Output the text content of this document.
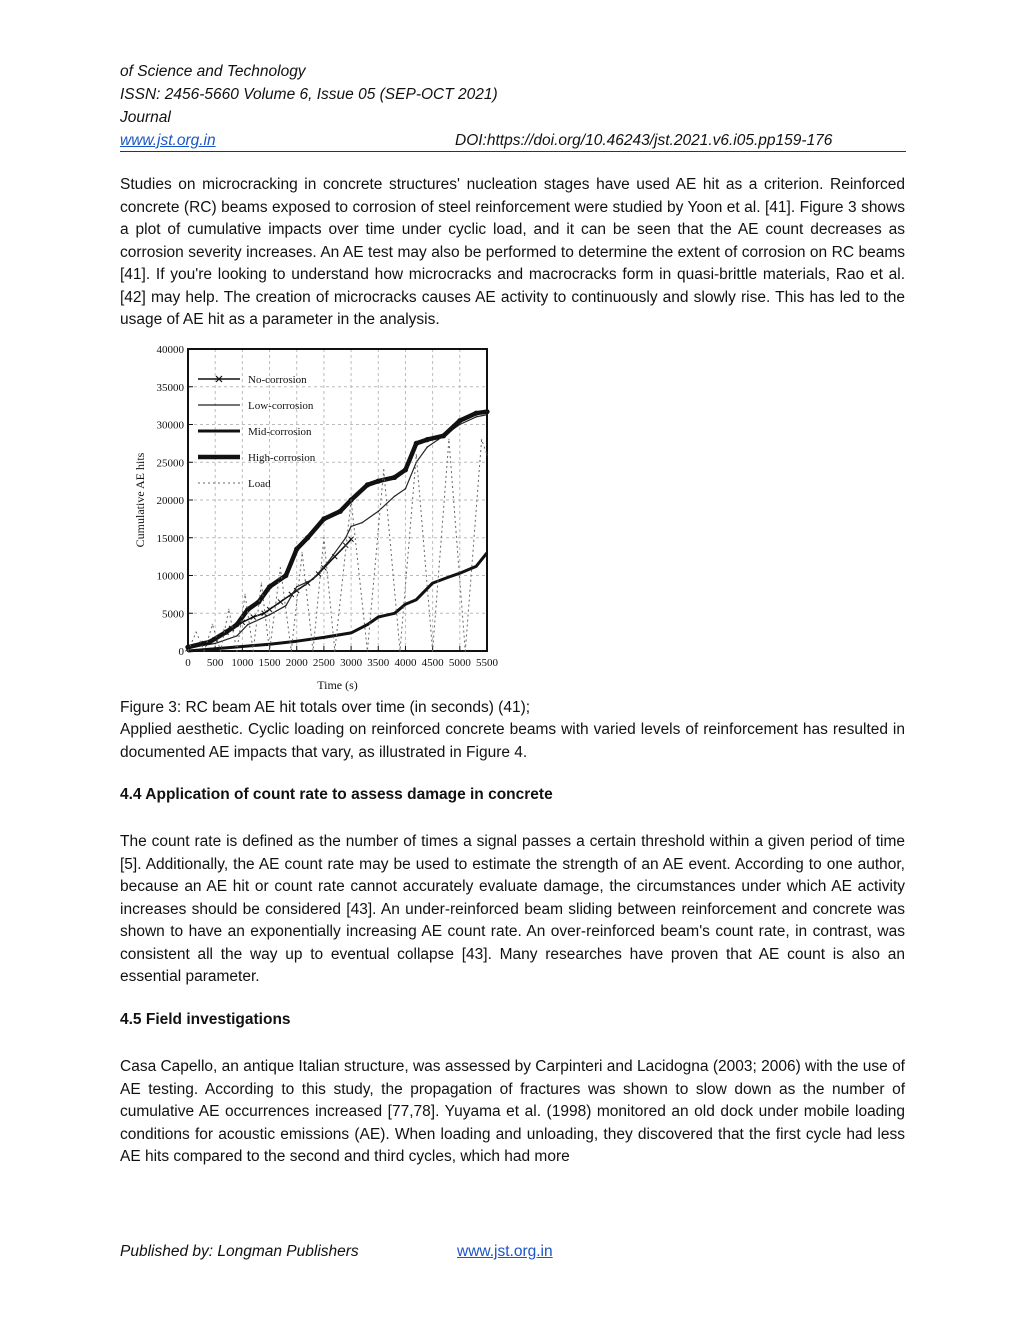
of Science and Technology
ISSN: 2456-5660 Volume 6, Issue 05 (SEP-OCT 2021)
Journal
www.jst.org.in	DOI:https://doi.org/10.46243/jst.2021.v6.i05.pp159-176

Studies on microcracking in concrete structures' nucleation stages have used AE hit as a criterion. Reinforced concrete (RC) beams exposed to corrosion of steel reinforcement were studied by Yoon et al. [41]. Figure 3 shows a plot of cumulative impacts over time under cyclic load, and it can be seen that the AE count decreases as corrosion severity increases. An AE test may also be performed to determine the extent of corrosion on RC beams [41]. If you're looking to understand how microcracks and macrocracks form in quasi-brittle materials, Rao et al. [42] may help. The creation of microcracks causes AE activity to continuously and slowly rise. This has led to the usage of AE hit as a parameter in the analysis.

0 500 1000 1500 2000 2500 3000 3500 4000 4500 5000 5500
0
5000
10000
15000
20000
25000
30000
35000
40000
No-corrosion
Low-corrosion
Mid-corrosion
High-corrosion
Load
Cumulative AE hits
Time (s)

Figure 3: RC beam AE hit totals over time (in seconds) (41);

Applied aesthetic. Cyclic loading on reinforced concrete beams with varied levels of reinforcement has resulted in documented AE impacts that vary, as illustrated in Figure 4.

4.4 Application of count rate to assess damage in concrete

The count rate is defined as the number of times a signal passes a certain threshold within a given period of time [5]. Additionally, the AE count rate may be used to estimate the strength of an AE event. According to one author, because an AE hit or count rate cannot accurately evaluate damage, the circumstances under which AE activity increases should be considered [43]. An under-reinforced beam sliding between reinforcement and concrete was shown to have an exponentially increasing AE count rate. An over-reinforced beam's count rate, in contrast, was consistent all the way up to eventual collapse [43]. Many researches have proven that AE count is also an essential parameter.

4.5 Field investigations

Casa Capello, an antique Italian structure, was assessed by Carpinteri and Lacidogna (2003; 2006) with the use of AE testing. According to this study, the propagation of fractures was shown to slow down as the number of cumulative AE occurrences increased [77,78]. Yuyama et al. (1998) monitored an old dock under mobile loading conditions for acoustic emissions (AE). When loading and unloading, they discovered that the first cycle had less AE hits compared to the second and third cycles, which had more

Published by: Longman Publishers	www.jst.org.in
